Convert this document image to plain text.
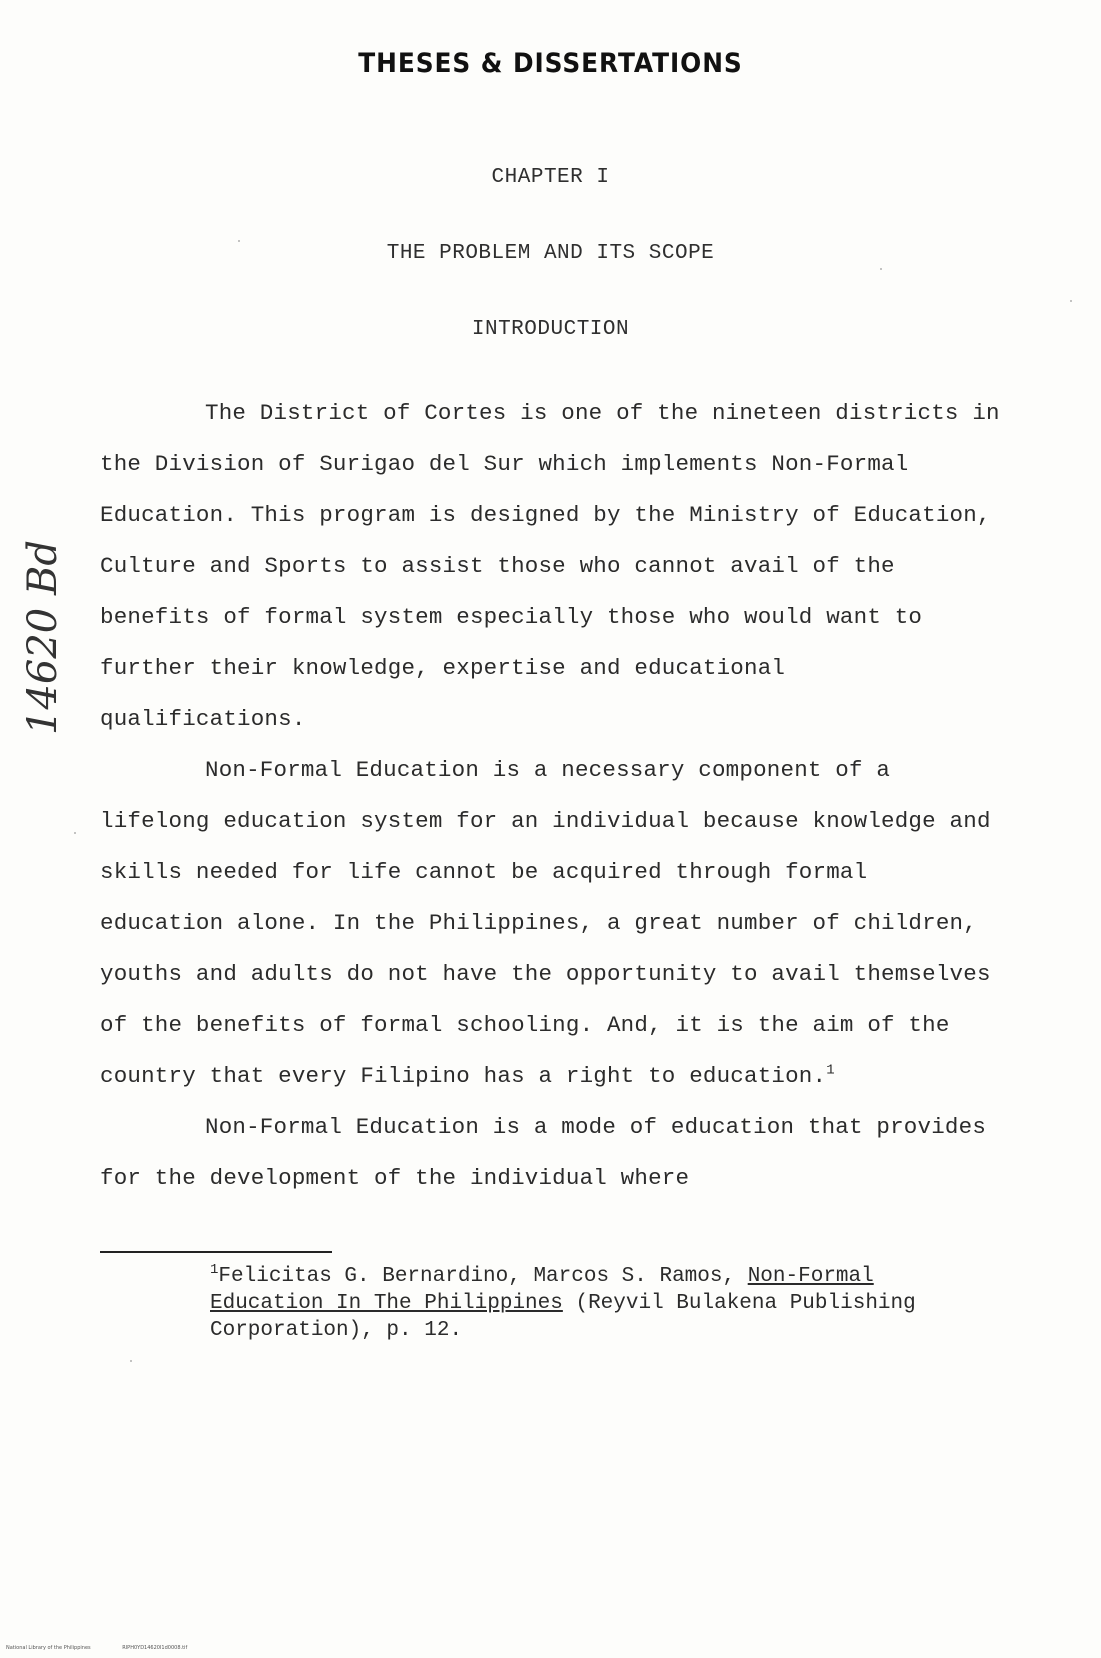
THESES & DISSERTATIONS
CHAPTER I
THE PROBLEM AND ITS SCOPE
INTRODUCTION
14620 Bd

The District of Cortes is one of the nineteen districts in the Division of Surigao del Sur which implements Non-Formal Education. This program is designed by the Ministry of Education, Culture and Sports to assist those who cannot avail of the benefits of formal system especially those who would want to further their knowledge, expertise and educational qualifications.

Non-Formal Education is a necessary component of a lifelong education system for an individual because knowledge and skills needed for life cannot be acquired through formal education alone. In the Philippines, a great number of children, youths and adults do not have the opportunity to avail themselves of the benefits of formal schooling. And, it is the aim of the country that every Filipino has a right to education.$^1$

Non-Formal Education is a mode of education that provides for the development of the individual where

$^1$Felicitas G. Bernardino, Marcos S. Ramos, Non-Formal Education In The Philippines (Reyvil Bulakena Publishing Corporation), p. 12.
National Library of the Philippines	RIPH0YD14620I1d0008.tif
